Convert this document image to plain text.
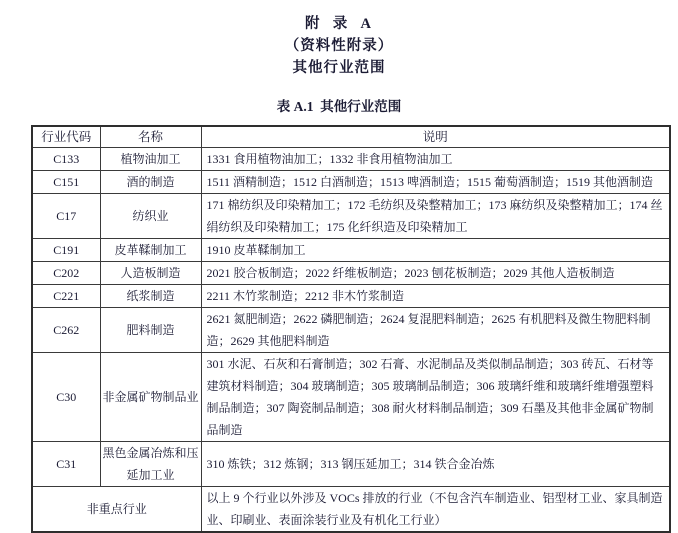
附  录  A
（资料性附录）
其他行业范围
表 A.1  其他行业范围
行业代码	名称	说明
C133	植物油加工	1331 食用植物油加工；1332 非食用植物油加工
C151	酒的制造	1511 酒精制造；1512 白酒制造；1513 啤酒制造；1515 葡萄酒制造；1519 其他酒制造
C17	纺织业	171 棉纺织及印染精加工；172 毛纺织及染整精加工；173 麻纺织及染整精加工；174 丝绢纺织及印染精加工；175 化纤织造及印染精加工
C191	皮革鞣制加工	1910 皮革鞣制加工
C202	人造板制造	2021 胶合板制造；2022 纤维板制造；2023 刨花板制造；2029 其他人造板制造
C221	纸浆制造	2211 木竹浆制造；2212 非木竹浆制造
C262	肥料制造	2621 氮肥制造；2622 磷肥制造；2624 复混肥料制造；2625 有机肥料及微生物肥料制造；2629 其他肥料制造
C30	非金属矿物制品业	301 水泥、石灰和石膏制造；302 石膏、水泥制品及类似制品制造；303 砖瓦、石材等建筑材料制造；304 玻璃制造；305 玻璃制品制造；306 玻璃纤维和玻璃纤维增强塑料制品制造；307 陶瓷制品制造；308 耐火材料制品制造；309 石墨及其他非金属矿物制品制造
C31	黑色金属冶炼和压延加工业	310 炼铁；312 炼钢；313 钢压延加工；314 铁合金冶炼
非重点行业		以上 9 个行业以外涉及 VOCs 排放的行业（不包含汽车制造业、铝型材工业、家具制造业、印刷业、表面涂装行业及有机化工行业）
